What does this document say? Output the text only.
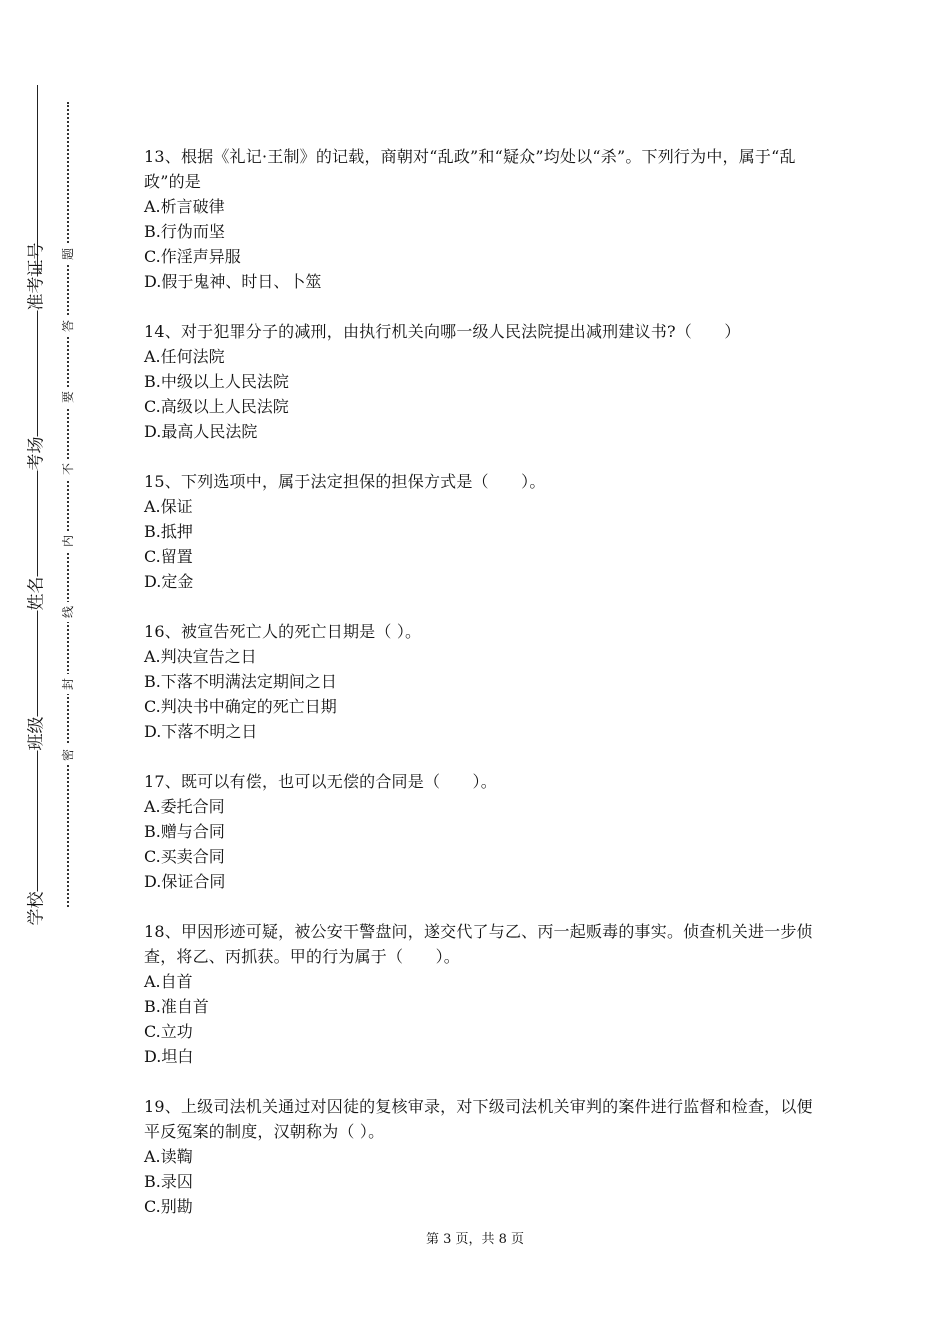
准考证号
考场
姓名
班级
学校
题
答
要
不
内
线
封
密

13、根据《礼记·王制》的记载，商朝对“乱政”和“疑众”均处以“杀”。下列行为中，属于“乱政”的是

A.析言破律

B.行伪而坚

C.作淫声异服

D.假于鬼神、时日、卜筮

14、对于犯罪分子的减刑，由执行机关向哪一级人民法院提出减刑建议书?（　　）

A.任何法院

B.中级以上人民法院

C.高级以上人民法院

D.最高人民法院

15、下列选项中，属于法定担保的担保方式是（　　）。

A.保证

B.抵押

C.留置

D.定金

16、被宣告死亡人的死亡日期是（ ）。

A.判决宣告之日

B.下落不明满法定期间之日

C.判决书中确定的死亡日期

D.下落不明之日

17、既可以有偿，也可以无偿的合同是（　　）。

A.委托合同

B.赠与合同

C.买卖合同

D.保证合同

18、甲因形迹可疑，被公安干警盘问，遂交代了与乙、丙一起贩毒的事实。侦查机关进一步侦查，将乙、丙抓获。甲的行为属于（　　）。

A.自首

B.准自首

C.立功

D.坦白

19、上级司法机关通过对囚徒的复核审录，对下级司法机关审判的案件进行监督和检查，以便平反冤案的制度，汉朝称为（ ）。

A.读鞫

B.录囚

C.别勘

第 3 页，共 8 页
